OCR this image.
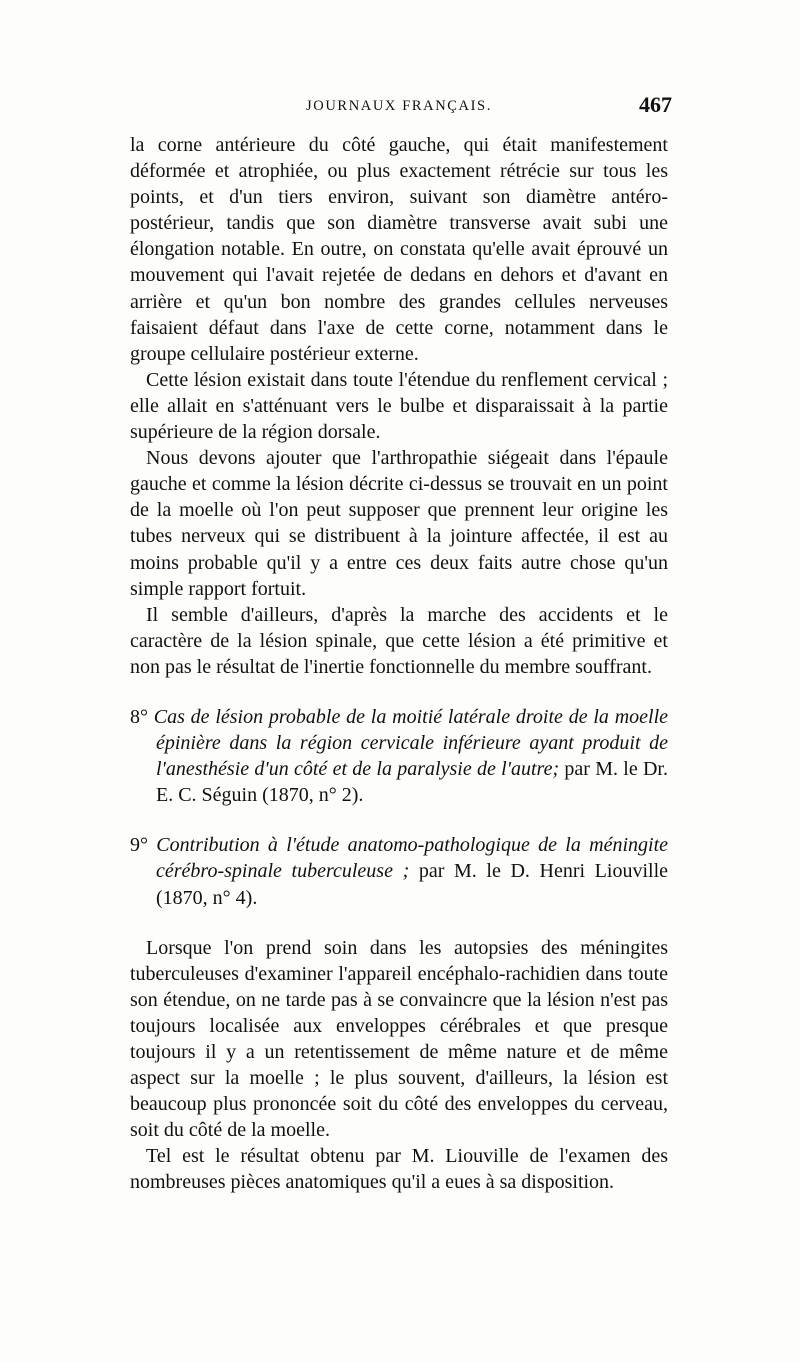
JOURNAUX FRANÇAIS.	467

la corne antérieure du côté gauche, qui était manifestement déformée et atrophiée, ou plus exactement rétrécie sur tous les points, et d'un tiers environ, suivant son diamètre antéro-postérieur, tandis que son diamètre transverse avait subi une élongation notable. En outre, on constata qu'elle avait éprouvé un mouvement qui l'avait rejetée de dedans en dehors et d'avant en arrière et qu'un bon nombre des grandes cellules nerveuses faisaient défaut dans l'axe de cette corne, notamment dans le groupe cellulaire postérieur externe.

Cette lésion existait dans toute l'étendue du renflement cervical ; elle allait en s'atténuant vers le bulbe et disparaissait à la partie supérieure de la région dorsale.

Nous devons ajouter que l'arthropathie siégeait dans l'épaule gauche et comme la lésion décrite ci-dessus se trouvait en un point de la moelle où l'on peut supposer que prennent leur origine les tubes nerveux qui se distribuent à la jointure affectée, il est au moins probable qu'il y a entre ces deux faits autre chose qu'un simple rapport fortuit.

Il semble d'ailleurs, d'après la marche des accidents et le caractère de la lésion spinale, que cette lésion a été primitive et non pas le résultat de l'inertie fonctionnelle du membre souffrant.

8° Cas de lésion probable de la moitié latérale droite de la moelle épinière dans la région cervicale inférieure ayant produit de l'anesthésie d'un côté et de la paralysie de l'autre; par M. le Dr. E. C. Séguin (1870, n° 2).

9° Contribution à l'étude anatomo-pathologique de la méningite cérébro-spinale tuberculeuse ; par M. le D. Henri Liouville (1870, n° 4).

Lorsque l'on prend soin dans les autopsies des méningites tuberculeuses d'examiner l'appareil encéphalo-rachidien dans toute son étendue, on ne tarde pas à se convaincre que la lésion n'est pas toujours localisée aux enveloppes cérébrales et que presque toujours il y a un retentissement de même nature et de même aspect sur la moelle ; le plus souvent, d'ailleurs, la lésion est beaucoup plus prononcée soit du côté des enveloppes du cerveau, soit du côté de la moelle.

Tel est le résultat obtenu par M. Liouville de l'examen des nombreuses pièces anatomiques qu'il a eues à sa disposition.
